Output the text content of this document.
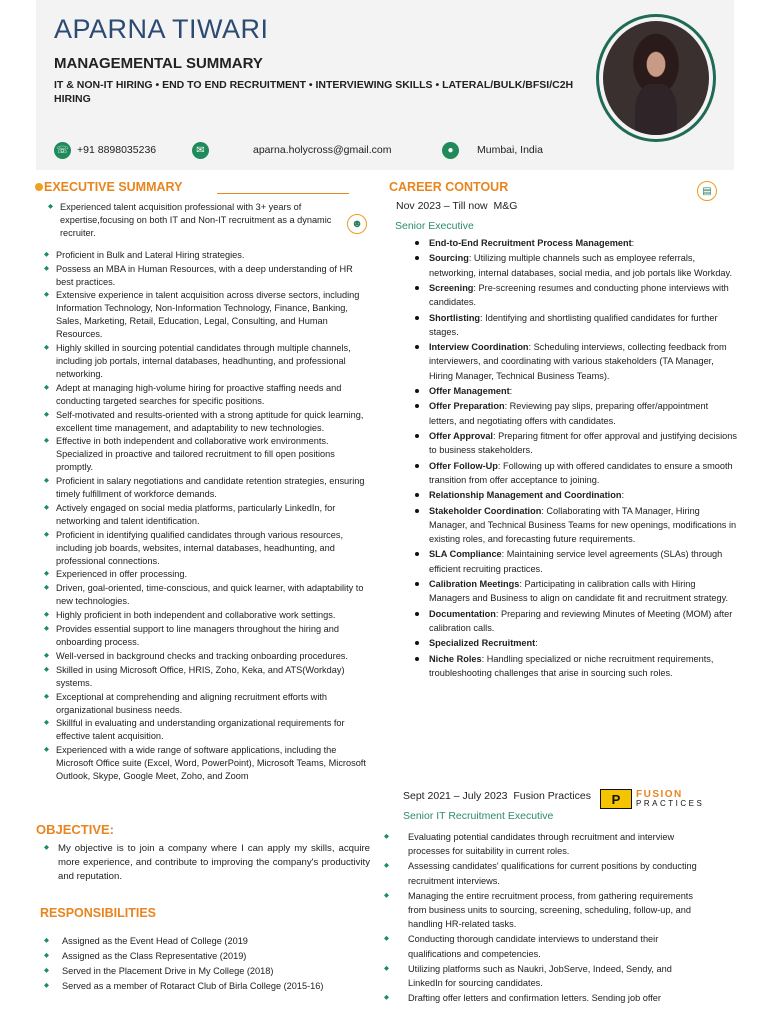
APARNA TIWARI
MANAGEMENTAL SUMMARY
IT & NON-IT HIRING • END TO END RECRUITMENT • INTERVIEWING SKILLS • LATERAL/BULK/BFSI/C2H HIRING
☏ +91 8898035236	✉	aparna.holycross@gmail.com	●	Mumbai, India
EXECUTIVE SUMMARY
☻
◆ Experienced talent acquisition professional with 3+ years of expertise,focusing on both IT and Non-IT recruitment as a dynamic recruiter.
◆ Proficient in Bulk and Lateral Hiring strategies.
◆ Possess an MBA in Human Resources, with a deep understanding of HR best practices.
◆ Extensive experience in talent acquisition across diverse sectors, including Information Technology, Non-Information Technology, Finance, Banking, Sales, Marketing, Retail, Education, Legal, Consulting, and Human Resources.
◆ Highly skilled in sourcing potential candidates through multiple channels, including job portals, internal databases, headhunting, and professional networking.
◆ Adept at managing high-volume hiring for proactive staffing needs and conducting targeted searches for specific positions.
◆ Self-motivated and results-oriented with a strong aptitude for quick learning, excellent time management, and adaptability to new technologies.
◆ Effective in both independent and collaborative work environments. Specialized in proactive and tailored recruitment to fill open positions promptly.
◆ Proficient in salary negotiations and candidate retention strategies, ensuring timely fulfillment of workforce demands.
◆ Actively engaged on social media platforms, particularly LinkedIn, for networking and talent identification.
◆ Proficient in identifying qualified candidates through various resources, including job boards, websites, internal databases, headhunting, and professional connections.
◆ Experienced in offer processing.
◆ Driven, goal-oriented, time-conscious, and quick learner, with adaptability to new technologies.
◆ Highly proficient in both independent and collaborative work settings.
◆ Provides essential support to line managers throughout the hiring and onboarding process.
◆ Well-versed in background checks and tracking onboarding procedures.
◆ Skilled in using Microsoft Office, HRIS, Zoho, Keka, and ATS(Workday) systems.
◆ Exceptional at comprehending and aligning recruitment efforts with organizational business needs.
◆ Skillful in evaluating and understanding organizational requirements for effective talent acquisition.
◆ Experienced with a wide range of software applications, including the Microsoft Office suite (Excel, Word, PowerPoint), Microsoft Teams, Microsoft Outlook, Skype, Google Meet, Zoho, and Zoom
OBJECTIVE:
◆ My objective is to join a company where I can apply my skills, acquire more experience, and contribute to improving the company's productivity and reputation.
RESPONSIBILITIES
◆ Assigned as the Event Head of College (2019
◆ Assigned as the Class Representative (2019)
◆ Served in the Placement Drive in My College (2018)
◆ Served as a member of Rotaract Club of Birla College (2015-16)
CAREER CONTOUR	▤
Nov 2023 – Till now M&G
Senior Executive
End-to-End Recruitment Process Management:
Sourcing: Utilizing multiple channels such as employee referrals, networking, internal databases, social media, and job portals like Workday.
Screening: Pre-screening resumes and conducting phone interviews with candidates.
Shortlisting: Identifying and shortlisting qualified candidates for further stages.
Interview Coordination: Scheduling interviews, collecting feedback from interviewers, and coordinating with various stakeholders (TA Manager, Hiring Manager, Technical Business Teams).
Offer Management:
Offer Preparation: Reviewing pay slips, preparing offer/appointment letters, and negotiating offers with candidates.
Offer Approval: Preparing fitment for offer approval and justifying decisions to business stakeholders.
Offer Follow-Up: Following up with offered candidates to ensure a smooth transition from offer acceptance to joining.
Relationship Management and Coordination:
Stakeholder Coordination: Collaborating with TA Manager, Hiring Manager, and Technical Business Teams for new openings, modifications in existing roles, and forecasting future requirements.
SLA Compliance: Maintaining service level agreements (SLAs) through efficient recruiting practices.
Calibration Meetings: Participating in calibration calls with Hiring Managers and Business to align on candidate fit and recruitment strategy.
Documentation: Preparing and reviewing Minutes of Meeting (MOM) after calibration calls.
Specialized Recruitment:
Niche Roles: Handling specialized or niche recruitment requirements, troubleshooting challenges that arise in sourcing such roles.
Sept 2021 – July 2023 Fusion Practices	P	FUSION
PRACTICES
Senior IT Recruitment Executive
◆ Evaluating potential candidates through recruitment and interview processes for suitability in current roles.
◆ Assessing candidates' qualifications for current positions by conducting recruitment interviews.
◆ Managing the entire recruitment process, from gathering requirements from business units to sourcing, screening, scheduling, follow-up, and handling HR-related tasks.
◆ Conducting thorough candidate interviews to understand their qualifications and competencies.
◆ Utilizing platforms such as Naukri, JobServe, Indeed, Sendy, and LinkedIn for sourcing candidates.
◆ Drafting offer letters and confirmation letters. Sending job offer
